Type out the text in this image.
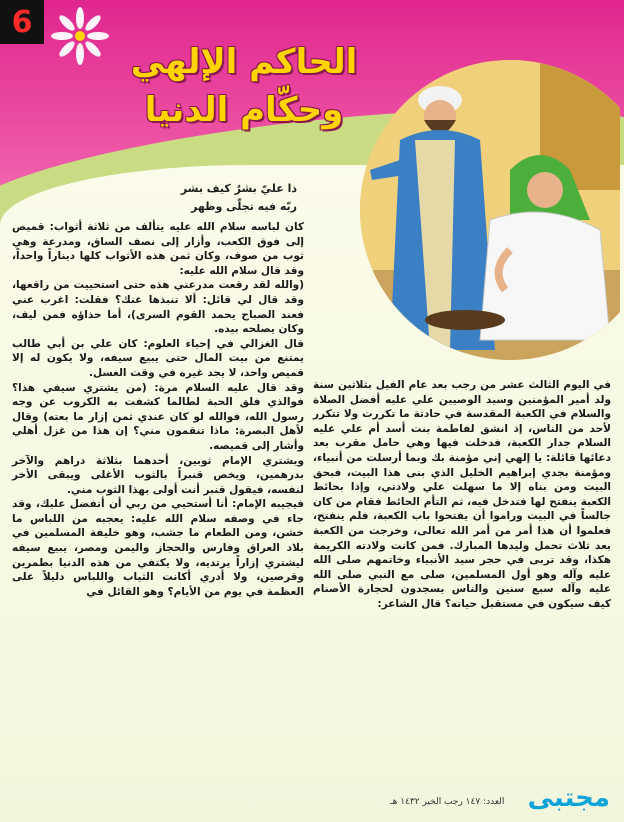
6
الحاكم الإلهي
وحكّام الدنيا
ذا عليّ بشرٌ كيف بشر
ربّه فيه تجلّى وظهر

كان لباسه سلام الله عليه يتألف من ثلاثة أثواب: قميص إلى فوق الكعب، وأزار إلى نصف الساق، ومدرعة وهي ثوب من صوف، وكان ثمن هذه الأثواب كلها ديناراً واحداً، وقد قال سلام الله عليه:

(والله لقد رقعت مدرعتي هذه حتى استحييت من راقعها، وقد قال لي قائل: ألا تنبذها عنك؟ فقلت: اغرب عني فعند الصباح يحمد القوم السرى)، أما حذاؤه فمن ليف، وكان يصلحه بيده.

قال الغزالي في إحياء العلوم: كان علي بن أبي طالب يمتنع من بيت المال حتى يبيع سيفه، ولا يكون له إلا قميص واحد، لا يجد غيره في وقت الغسل.

وقد قال عليه السلام مرة: (من يشتري سيفي هذا؟ فوالذي فلق الحبة لطالما كشفت به الكروب عن وجه رسول الله، فوالله لو كان عندي ثمن إزار ما بعته) وقال لأهل البصرة: ماذا تنقمون مني؟ إن هذا من غزل أهلي وأشار إلى قميصه.

ويشتري الإمام ثوبين، أحدهما بثلاثة دراهم والآخر بدرهمين، ويخص قنبراً بالثوب الأغلى ويبقى الأخر لنفسه، فيقول قنبر أنت أولى بهذا الثوب مني.

فيجيبه الإمام: أنا أستحيي من ربي أن أتفضل عليك، وقد جاء في وصفه سلام الله عليه: يعجبه من اللباس ما خشن، ومن الطعام ما جشب، وهو خليفة المسلمين في بلاد العراق وفارس والحجاز واليمن ومصر، يبيع سيفه ليشتري إزاراً يرتديه، ولا يكتفي من هذه الدنيا بطمرين وقرصين، ولا أدري أكانت الثياب واللباس دليلاً على العظمة في يوم من الأيام؟ وهو القائل في

في اليوم الثالث عشر من رجب بعد عام الفيل بثلاثين سنة ولد أمير المؤمنين وسيد الوصيين علي عليه أفضل الصلاة والسلام في الكعبة المقدسة في حادثة ما تكررت ولا تتكرر لأحد من الناس، إذ انشق لفاطمة بنت أسد أم علي عليه السلام جدار الكعبة، فدخلت فيها وهي حامل مقرب بعد دعائها قائلة: يا إلهي إني مؤمنة بك وبما أرسلت من أنبياء، ومؤمنة بجدي إبراهيم الخليل الذي بنى هذا البيت، فبحق البيت ومن بناه إلا ما سهلت علي ولادتي، وإذا بحائط الكعبة ينفتح لها فتدخل فيه، ثم التأم الحائط فقام من كان جالساً في البيت وراموا أن يفتحوا باب الكعبة، فلم ينفتح، فعلموا أن هذا أمر من أمر الله تعالى، وخرجت من الكعبة بعد ثلاث تحمل وليدها المبارك. فمن كانت ولادته الكريمة هكذا، وقد تربى في حجر سيد الأنبياء وخاتمهم صلى الله عليه وآله وهو أول المسلمين، صلى مع النبي صلى الله عليه وآله سبع سنين والناس يسجدون لحجارة الأصنام كيف سيكون في مستقبل حياته؟ قال الشاعر:

مجتبى
العدد: ١٤٧ رجب الخير ١٤٣٢ هـ
